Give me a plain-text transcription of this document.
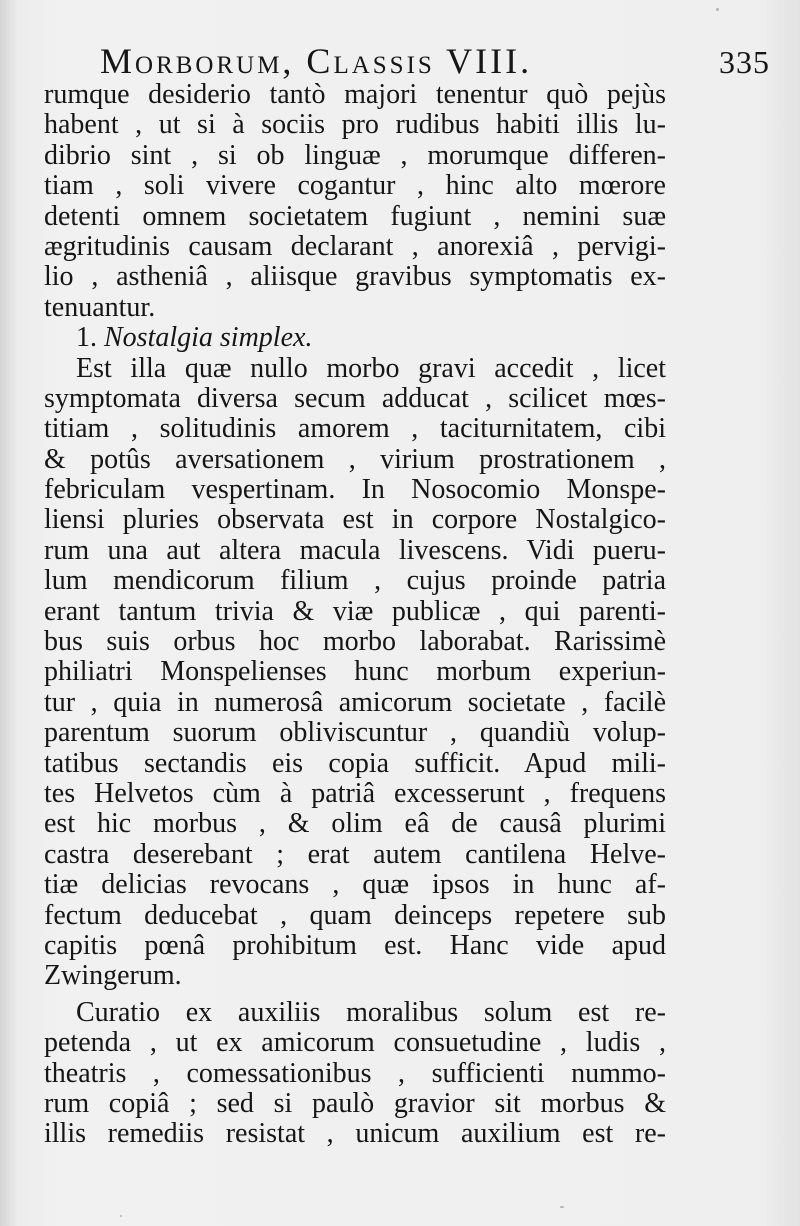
Morborum, Classis VIII.	335
rumque desiderio tantò majori tenentur quò pejùs
habent , ut si à sociis pro rudibus habiti illis lu-
dibrio sint , si ob linguæ , morumque differen-
tiam , soli vivere cogantur , hinc alto mœrore
detenti omnem societatem fugiunt , nemini suæ
ægritudinis causam declarant , anorexiâ , pervigi-
lio , astheniâ , aliisque gravibus symptomatis ex-
tenuantur.
1. Nostalgia simplex.
Est illa quæ nullo morbo gravi accedit , licet
symptomata diversa secum adducat , scilicet mœs-
titiam , solitudinis amorem , taciturnitatem, cibi
& potûs aversationem , virium prostrationem ,
febriculam vespertinam. In Nosocomio Monspe-
liensi pluries observata est in corpore Nostalgico-
rum una aut altera macula livescens. Vidi pueru-
lum mendicorum filium , cujus proinde patria
erant tantum trivia & viæ publicæ , qui parenti-
bus suis orbus hoc morbo laborabat. Rarissimè
philiatri Monspelienses hunc morbum experiun-
tur , quia in numerosâ amicorum societate , facilè
parentum suorum obliviscuntur , quandiù volup-
tatibus sectandis eis copia sufficit. Apud mili-
tes Helvetos cùm à patriâ excesserunt , frequens
est hic morbus , & olim eâ de causâ plurimi
castra deserebant ; erat autem cantilena Helve-
tiæ delicias revocans , quæ ipsos in hunc af-
fectum deducebat , quam deinceps repetere sub
capitis pœnâ prohibitum est. Hanc vide apud
Zwingerum.
Curatio ex auxiliis moralibus solum est re-
petenda , ut ex amicorum consuetudine , ludis ,
theatris , comessationibus , sufficienti nummo-
rum copiâ ; sed si paulò gravior sit morbus &
illis remediis resistat , unicum auxilium est re-
